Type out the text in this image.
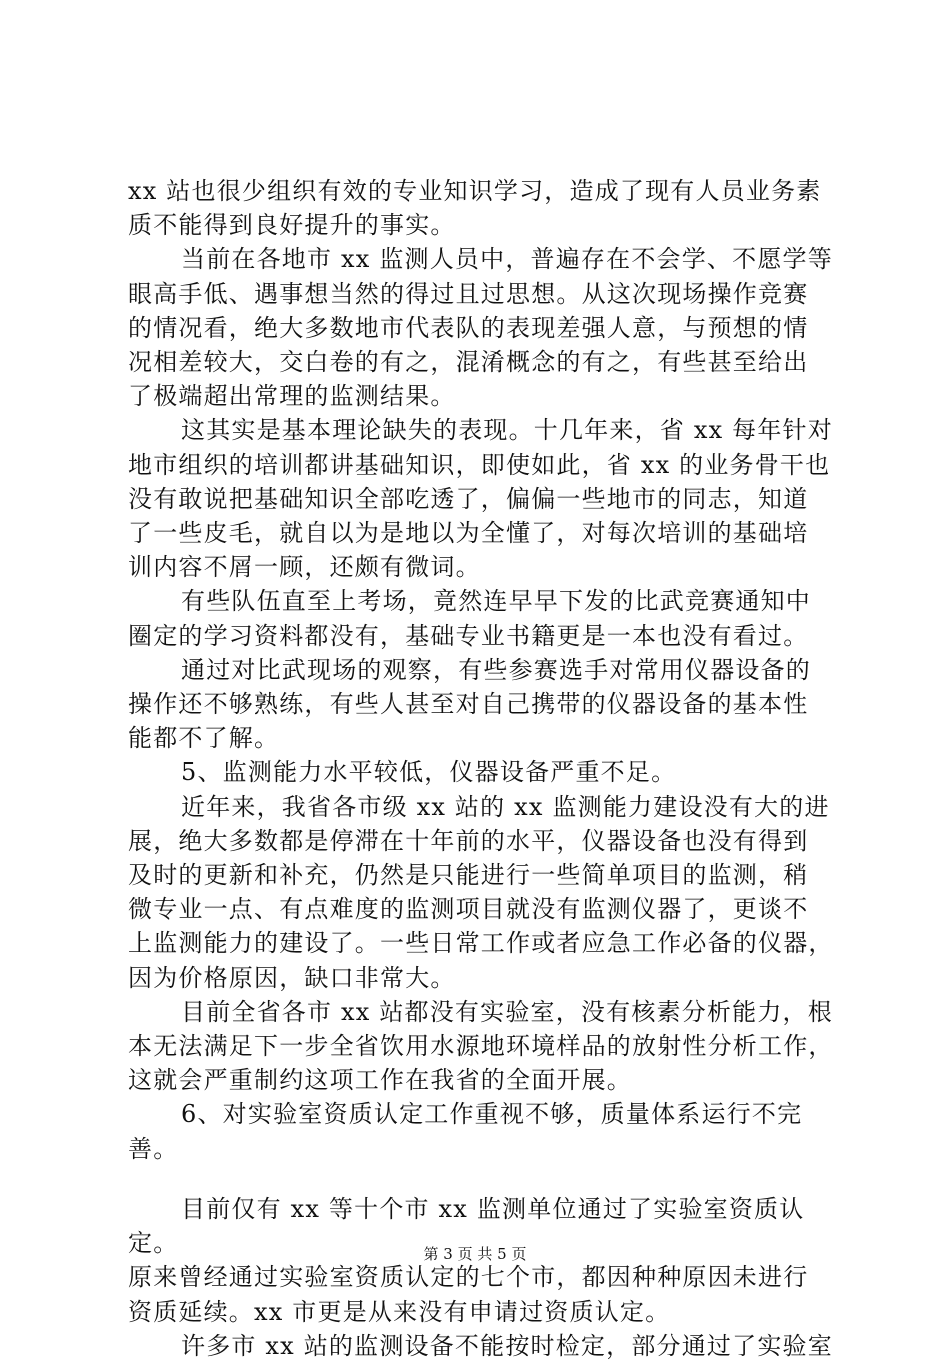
xx 站也很少组织有效的专业知识学习，造成了现有人员业务素
质不能得到良好提升的事实。

当前在各地市 xx 监测人员中，普遍存在不会学、不愿学等
眼高手低、遇事想当然的得过且过思想。从这次现场操作竞赛
的情况看，绝大多数地市代表队的表现差强人意，与预想的情
况相差较大，交白卷的有之，混淆概念的有之，有些甚至给出
了极端超出常理的监测结果。

这其实是基本理论缺失的表现。十几年来，省 xx 每年针对
地市组织的培训都讲基础知识，即使如此，省 xx 的业务骨干也
没有敢说把基础知识全部吃透了，偏偏一些地市的同志，知道
了一些皮毛，就自以为是地以为全懂了，对每次培训的基础培
训内容不屑一顾，还颇有微词。

有些队伍直至上考场，竟然连早早下发的比武竞赛通知中
圈定的学习资料都没有，基础专业书籍更是一本也没有看过。

通过对比武现场的观察，有些参赛选手对常用仪器设备的
操作还不够熟练，有些人甚至对自己携带的仪器设备的基本性
能都不了解。

5、监测能力水平较低，仪器设备严重不足。

近年来，我省各市级 xx 站的 xx 监测能力建设没有大的进
展，绝大多数都是停滞在十年前的水平，仪器设备也没有得到
及时的更新和补充，仍然是只能进行一些简单项目的监测，稍
微专业一点、有点难度的监测项目就没有监测仪器了，更谈不
上监测能力的建设了。一些日常工作或者应急工作必备的仪器，
因为价格原因，缺口非常大。

目前全省各市 xx 站都没有实验室，没有核素分析能力，根
本无法满足下一步全省饮用水源地环境样品的放射性分析工作，
这就会严重制约这项工作在我省的全面开展。

6、对实验室资质认定工作重视不够，质量体系运行不完善。

目前仅有 xx 等十个市 xx 监测单位通过了实验室资质认定。
原来曾经通过实验室资质认定的七个市，都因种种原因未进行
资质延续。xx 市更是从来没有申请过资质认定。

许多市 xx 站的监测设备不能按时检定，部分通过了实验室

第 3 页 共 5 页
